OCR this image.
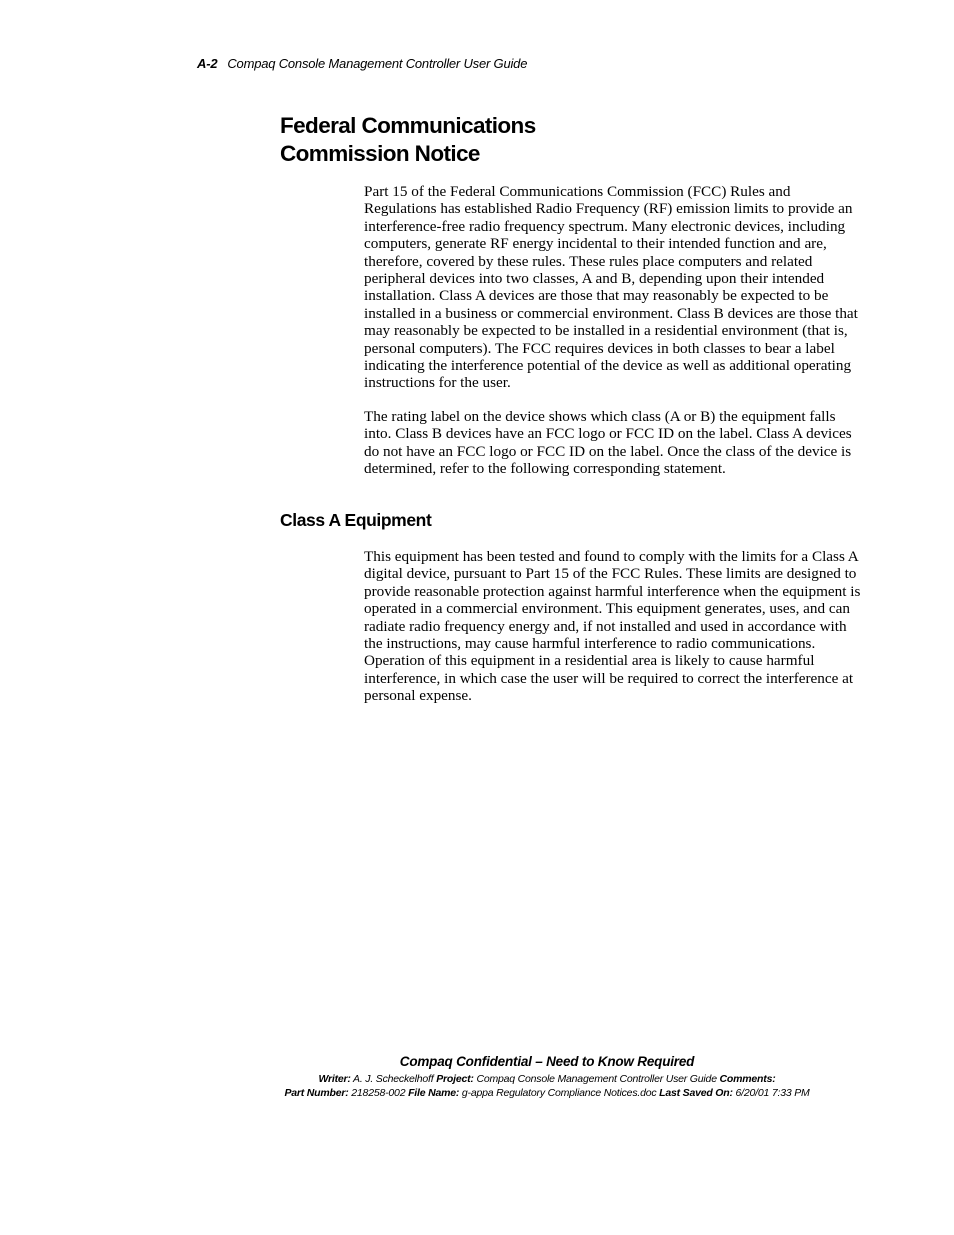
A-2 Compaq Console Management Controller User Guide
Federal Communications
Commission Notice

Part 15 of the Federal Communications Commission (FCC) Rules and Regulations has established Radio Frequency (RF) emission limits to provide an interference-free radio frequency spectrum. Many electronic devices, including computers, generate RF energy incidental to their intended function and are, therefore, covered by these rules. These rules place computers and related peripheral devices into two classes, A and B, depending upon their intended installation. Class A devices are those that may reasonably be expected to be installed in a business or commercial environment. Class B devices are those that may reasonably be expected to be installed in a residential environment (that is, personal computers). The FCC requires devices in both classes to bear a label indicating the interference potential of the device as well as additional operating instructions for the user.

The rating label on the device shows which class (A or B) the equipment falls into. Class B devices have an FCC logo or FCC ID on the label. Class A devices do not have an FCC logo or FCC ID on the label. Once the class of the device is determined, refer to the following corresponding statement.

Class A Equipment

This equipment has been tested and found to comply with the limits for a Class A digital device, pursuant to Part 15 of the FCC Rules. These limits are designed to provide reasonable protection against harmful interference when the equipment is operated in a commercial environment. This equipment generates, uses, and can radiate radio frequency energy and, if not installed and used in accordance with the instructions, may cause harmful interference to radio communications. Operation of this equipment in a residential area is likely to cause harmful interference, in which case the user will be required to correct the interference at personal expense.

Compaq Confidential – Need to Know Required
Writer: A. J. Scheckelhoff Project: Compaq Console Management Controller User Guide Comments:
Part Number: 218258-002 File Name: g-appa Regulatory Compliance Notices.doc Last Saved On: 6/20/01 7:33 PM
